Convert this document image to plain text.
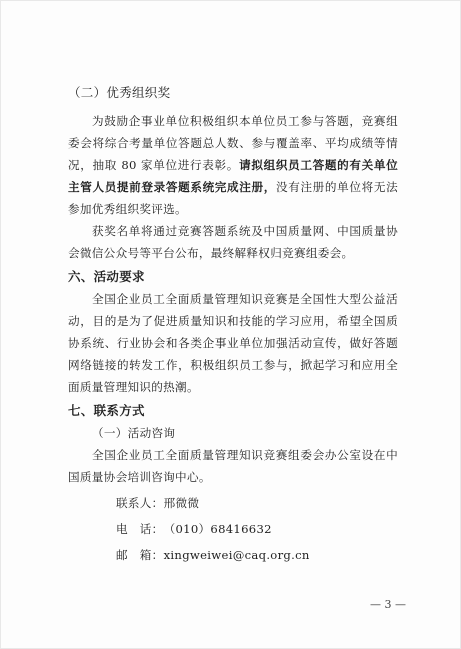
（二）优秀组织奖

为鼓励企事业单位积极组织本单位员工参与答题，竞赛组委会将综合考量单位答题总人数、参与覆盖率、平均成绩等情况，抽取 80 家单位进行表彰。请拟组织员工答题的有关单位主管人员提前登录答题系统完成注册，没有注册的单位将无法参加优秀组织奖评选。

获奖名单将通过竞赛答题系统及中国质量网、中国质量协会微信公众号等平台公布，最终解释权归竞赛组委会。

六、活动要求

全国企业员工全面质量管理知识竞赛是全国性大型公益活动，目的是为了促进质量知识和技能的学习应用，希望全国质协系统、行业协会和各类企事业单位加强活动宣传，做好答题网络链接的转发工作，积极组织员工参与，掀起学习和应用全面质量管理知识的热潮。

七、联系方式
（一）活动咨询

全国企业员工全面质量管理知识竞赛组委会办公室设在中国质量协会培训咨询中心。

联系人：邢微微
电　话：（010）68416632
邮　箱：xingweiwei@caq.org.cn
— 3 —
